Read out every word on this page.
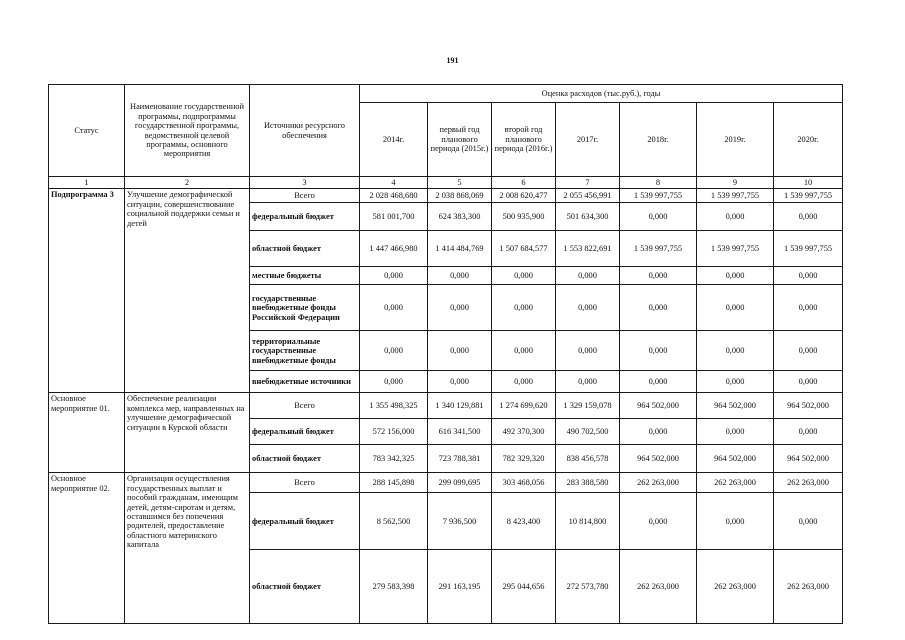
191
Статус	Наименование государственной программы, подпрограммы государственной программы, ведомственной целевой программы, основного мероприятия	Источники ресурсного обеспечения	Оценка расходов (тыс.руб.), годы						
			2014г.	первый год планового периода (2015г.)	второй год планового периода (2016г.)	2017г.	2018г.	2019г.	2020г.
1	2	3	4	5	6	7	8	9	10
Подпрограмма 3	Улучшение демографической ситуации, совершенствование социальной поддержки семьи и детей	Всего	2 028 468,680	2 038 868,069	2 008 620,477	2 055 456,991	1 539 997,755	1 539 997,755	1 539 997,755
		федеральный бюджет	581 001,700	624 383,300	500 935,900	501 634,300	0,000	0,000	0,000
		областной бюджет	1 447 466,980	1 414 484,769	1 507 684,577	1 553 822,691	1 539 997,755	1 539 997,755	1 539 997,755
		местные бюджеты	0,000	0,000	0,000	0,000	0,000	0,000	0,000
		государственные внебюджетные фонды Российской Федерации	0,000	0,000	0,000	0,000	0,000	0,000	0,000
		территориальные государственные внебюджетные фонды	0,000	0,000	0,000	0,000	0,000	0,000	0,000
		внебюджетные источники	0,000	0,000	0,000	0,000	0,000	0,000	0,000
Основное мероприятие 01.	Обеспечение реализации комплекса мер, направленных на улучшение демографической ситуации в Курской области	Всего	1 355 498,325	1 340 129,881	1 274 699,620	1 329 159,078	964 502,000	964 502,000	964 502,000
		федеральный бюджет	572 156,000	616 341,500	492 370,300	490 702,500	0,000	0,000	0,000
		областной бюджет	783 342,325	723 788,381	782 329,320	838 456,578	964 502,000	964 502,000	964 502,000
Основное мероприятие 02.	Организация осуществления государственных выплат и пособий гражданам, имеющим детей, детям-сиротам и детям, оставшимся без попечения родителей, предоставление областного материнского капитала	Всего	288 145,898	299 099,695	303 468,056	283 388,580	262 263,000	262 263,000	262 263,000
		федеральный бюджет	8 562,500	7 936,500	8 423,400	10 814,800	0,000	0,000	0,000
		областной бюджет	279 583,398	291 163,195	295 044,656	272 573,780	262 263,000	262 263,000	262 263,000
